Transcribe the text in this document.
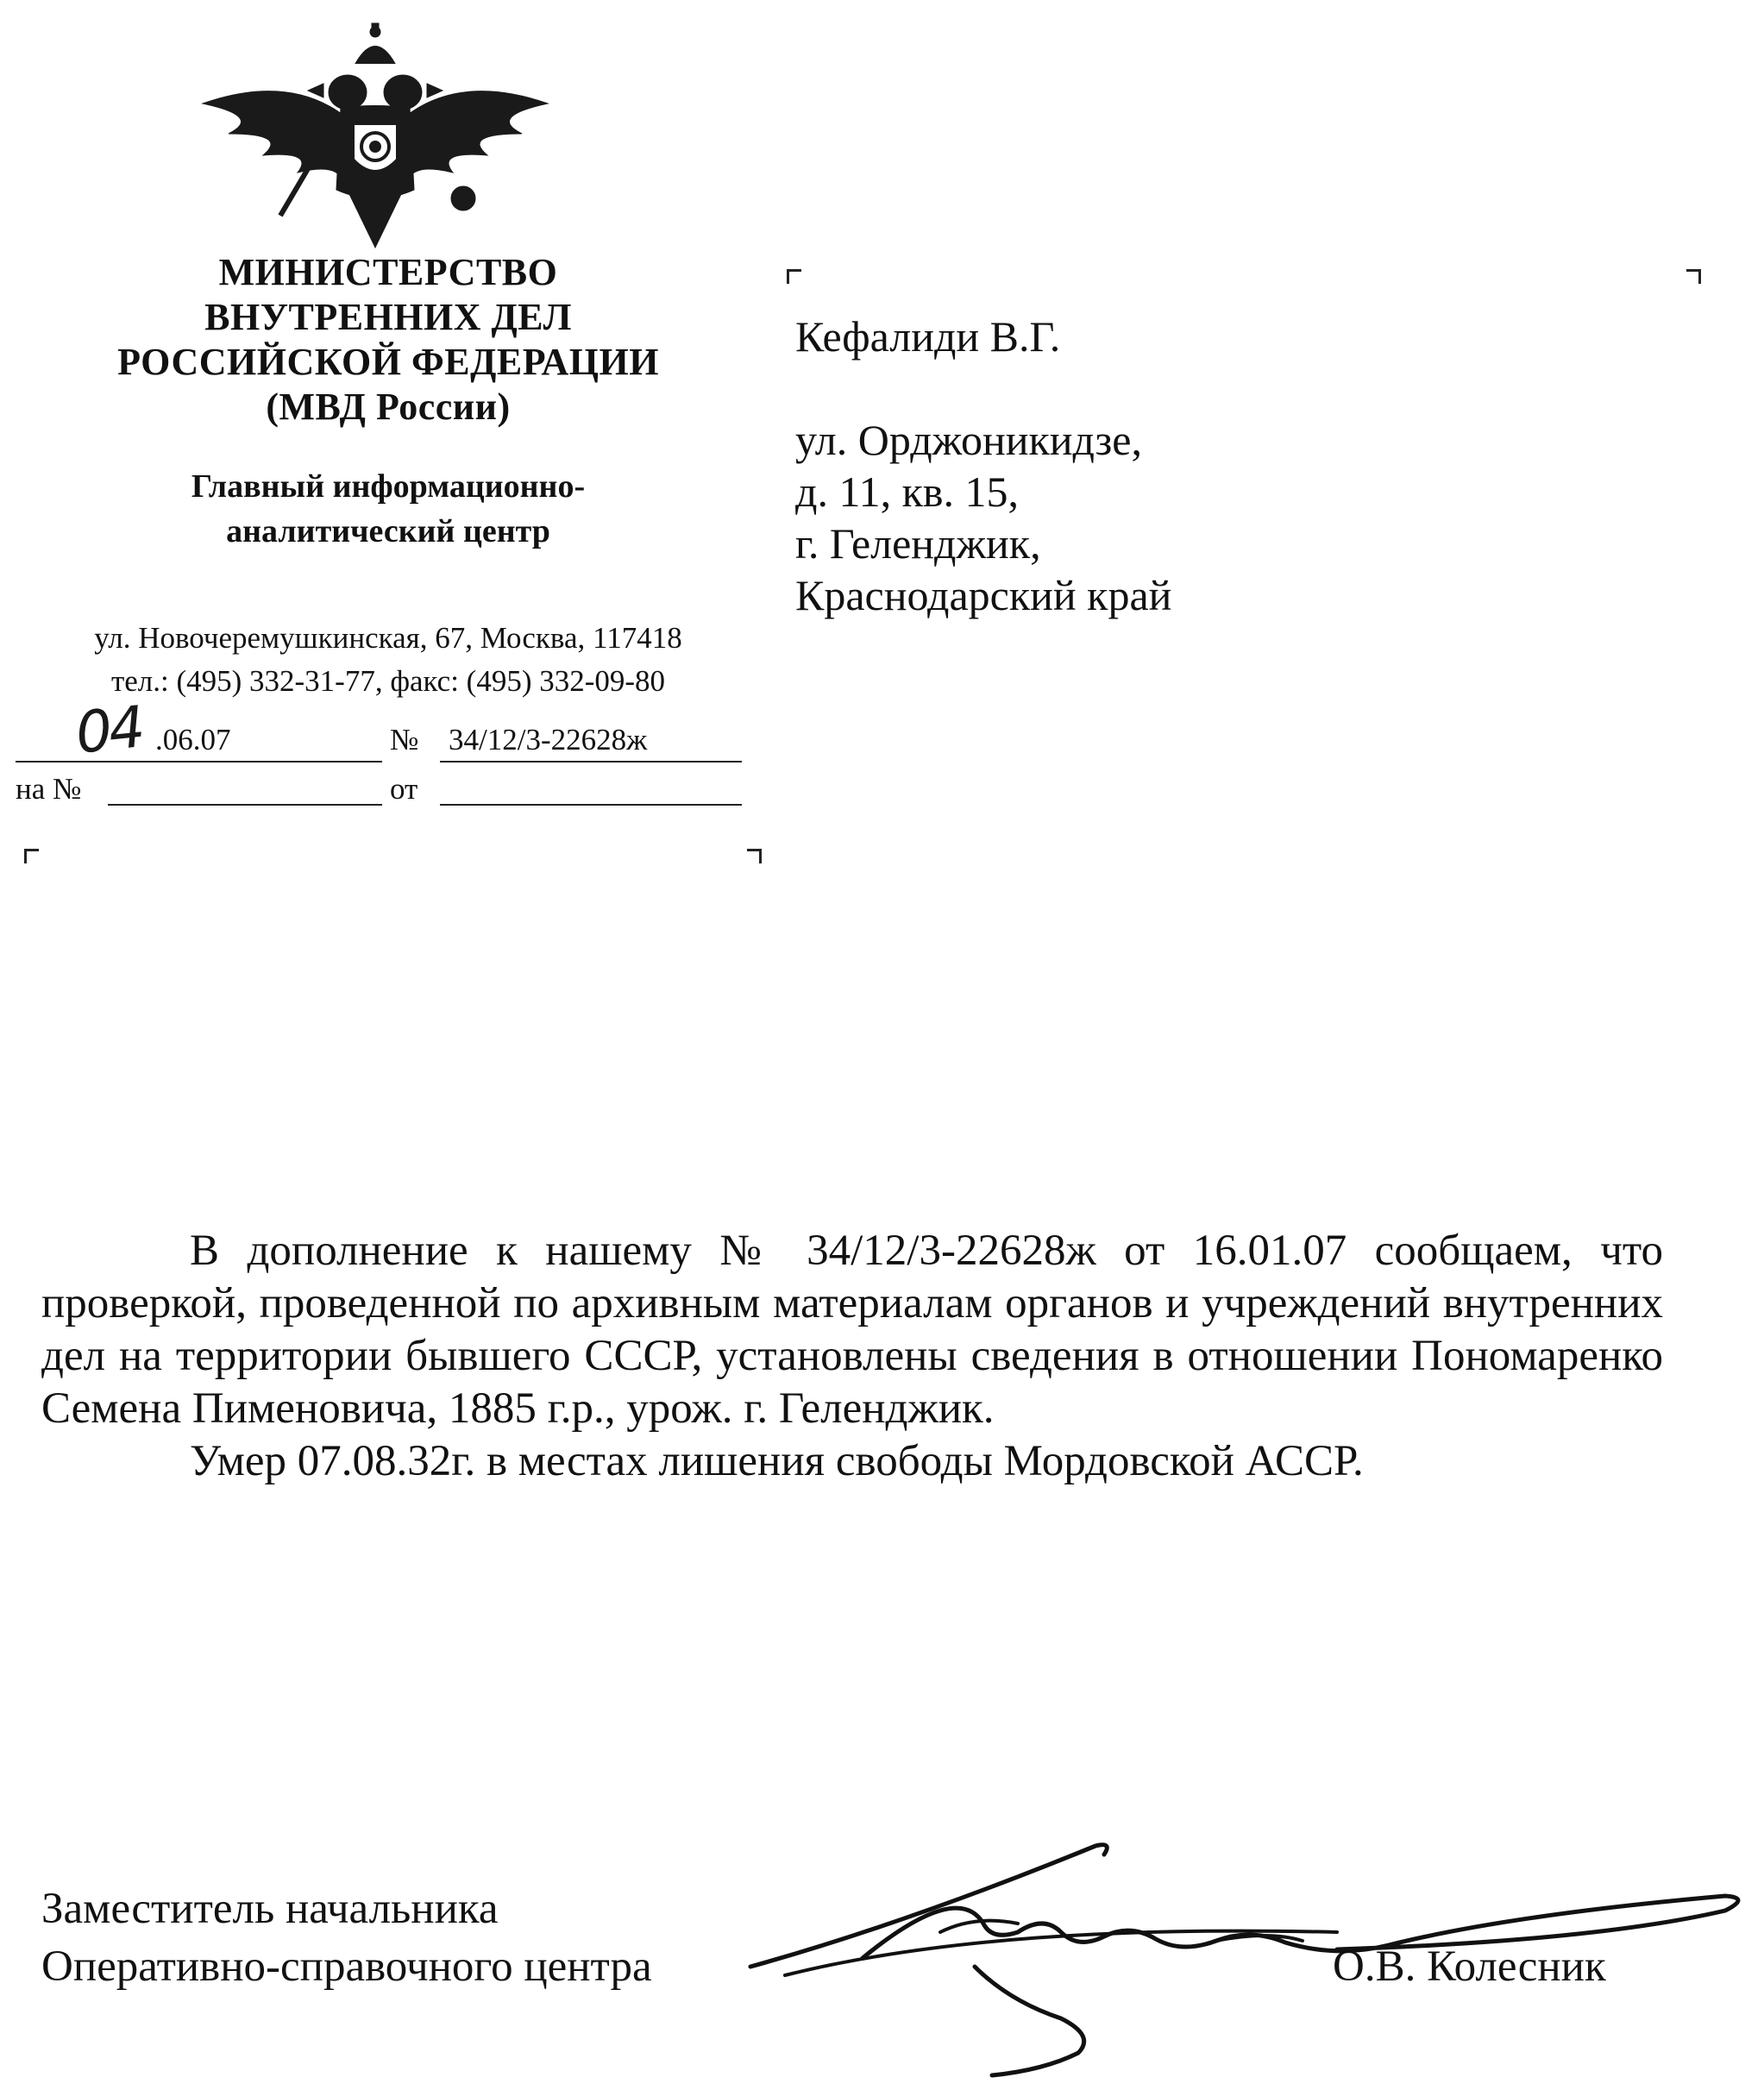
МИНИСТЕРСТВО
ВНУТРЕННИХ ДЕЛ
РОССИЙСКОЙ ФЕДЕРАЦИИ
(МВД России)
Главный информационно-
аналитический центр
ул. Новочеремушкинская, 67, Москва, 117418
тел.: (495) 332-31-77, факс: (495) 332-09-80
04 .06.07	№ 34/12/3-22628ж
на №	от
Кефалиди В.Г.
ул. Орджоникидзе,
д. 11, кв. 15,
г. Геленджик,
Краснодарский край

В дополнение к нашему № 34/12/3-22628ж от 16.01.07 сообщаем, что проверкой, проведенной по архивным материалам органов и учреждений внутренних дел на территории бывшего СССР, установлены сведения в отношении Пономаренко Семена Пименовича, 1885 г.р., урож. г. Геленджик.

Умер 07.08.32г. в местах лишения свободы Мордовской АССР.

Заместитель начальника
Оперативно-справочного центра	О.В. Колесник
